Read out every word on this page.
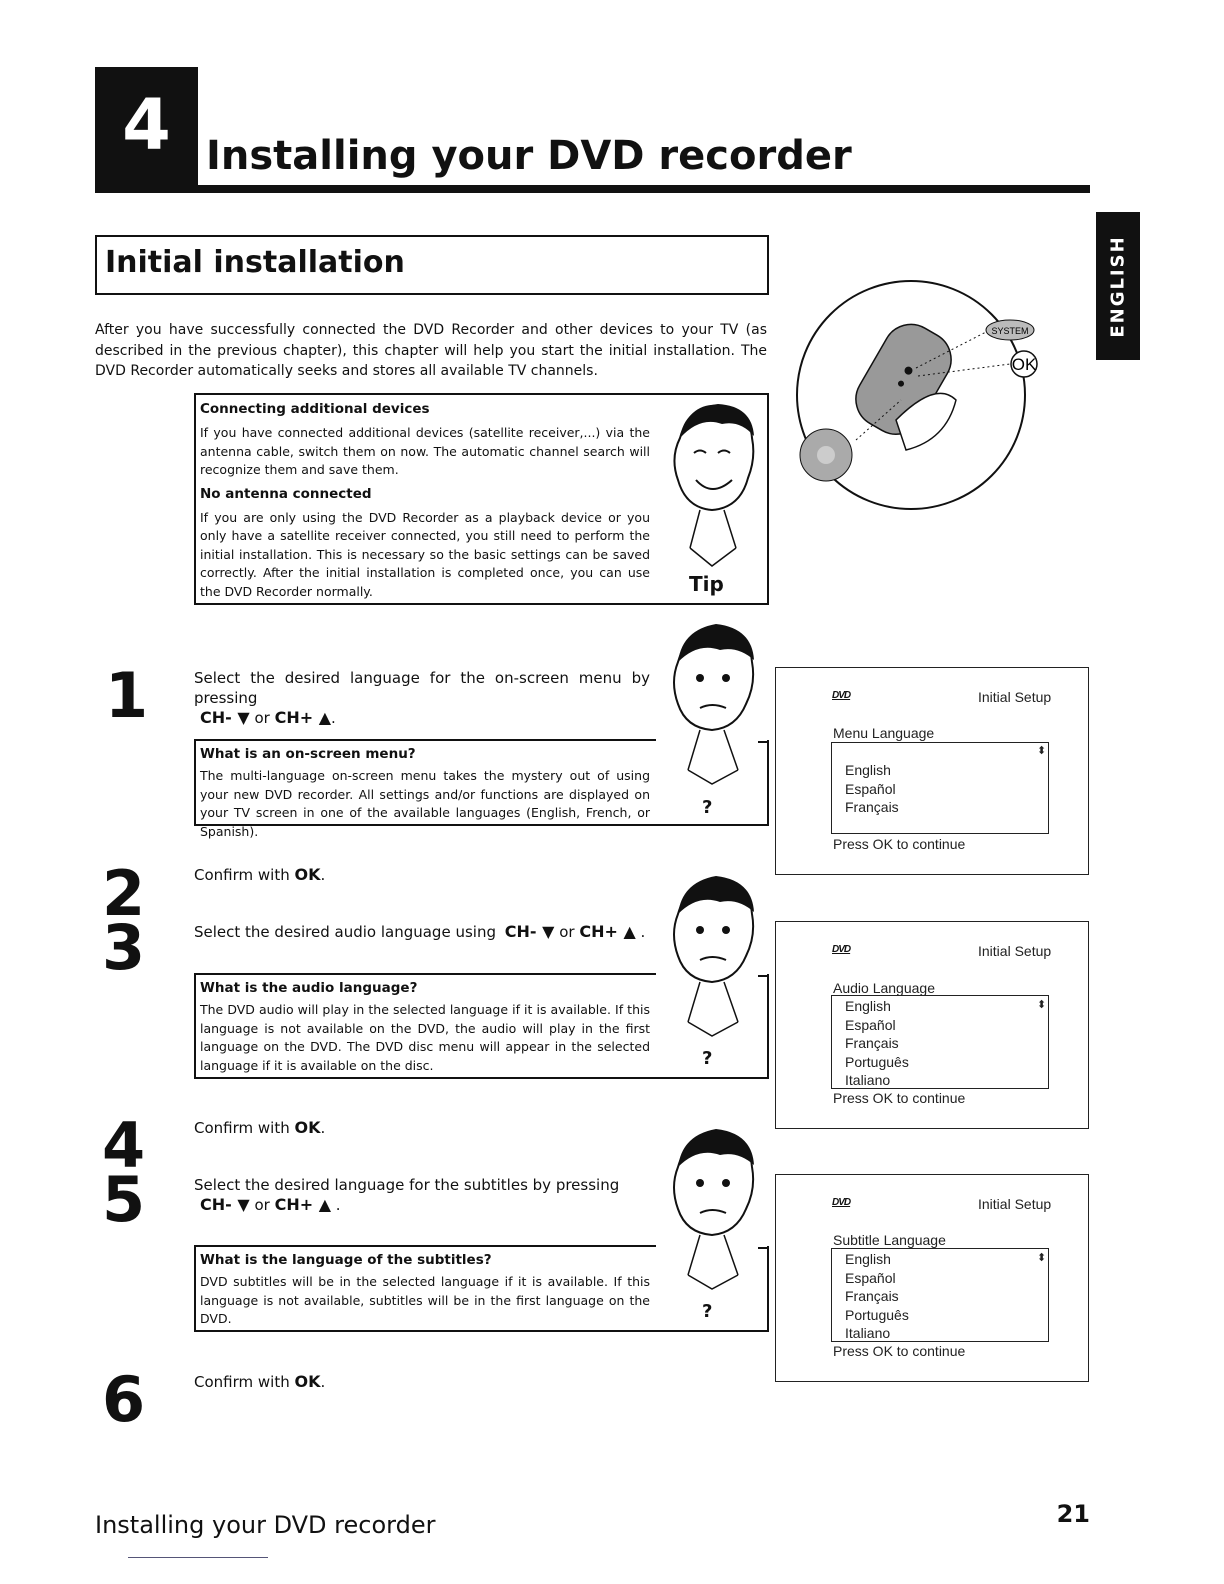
4 Installing your DVD recorder
ENGLISH
Initial installation
After you have successfully connected the DVD Recorder and other devices to your TV (as described in the previous chapter), this chapter will help you start the initial installation. The DVD Recorder automatically seeks and stores all available TV channels.
Connecting additional devices
If you have connected additional devices (satellite receiver,...) via the antenna cable, switch them on now. The automatic channel search will recognize them and save them.
No antenna connected
If you are only using the DVD Recorder as a playback device or you only have a satellite receiver connected, you still need to perform the initial installation. This is necessary so the basic settings can be saved correctly. After the initial installation is completed once, you can use the DVD Recorder normally.	Tip
SYSTEM
OK
1	Select the desired language for the on-screen menu by pressing
CH- ▼ or CH+ ▲.
What is an on-screen menu?
The multi-language on-screen menu takes the mystery out of using your new DVD recorder. All settings and/or functions are displayed on your TV screen in one of the available languages (English, French, or Spanish).
?
DVD	Initial Setup
Menu Language
English
Español
Français
⬍
Press OK to continue
2	Confirm with OK.
3	Select the desired audio language using CH- ▼ or CH+ ▲ .
What is the audio language?
The DVD audio will play in the selected language if it is available. If this language is not available on the DVD, the audio will play in the first language on the DVD. The DVD disc menu will appear in the selected language if it is available on the disc.	?
DVD	Initial Setup
Audio Language
English
Español
Français
Português
Italiano
⬍
Press OK to continue
4	Confirm with OK.
5	Select the desired language for the subtitles by pressing
CH- ▼ or CH+ ▲ .
What is the language of the subtitles?
DVD subtitles will be in the selected language if it is available. If this language is not available, subtitles will be in the first language on the DVD.	?
DVD	Initial Setup
Subtitle Language
English
Español
Français
Português
Italiano
⬍
Press OK to continue
6	Confirm with OK.
Installing your DVD recorder	21
